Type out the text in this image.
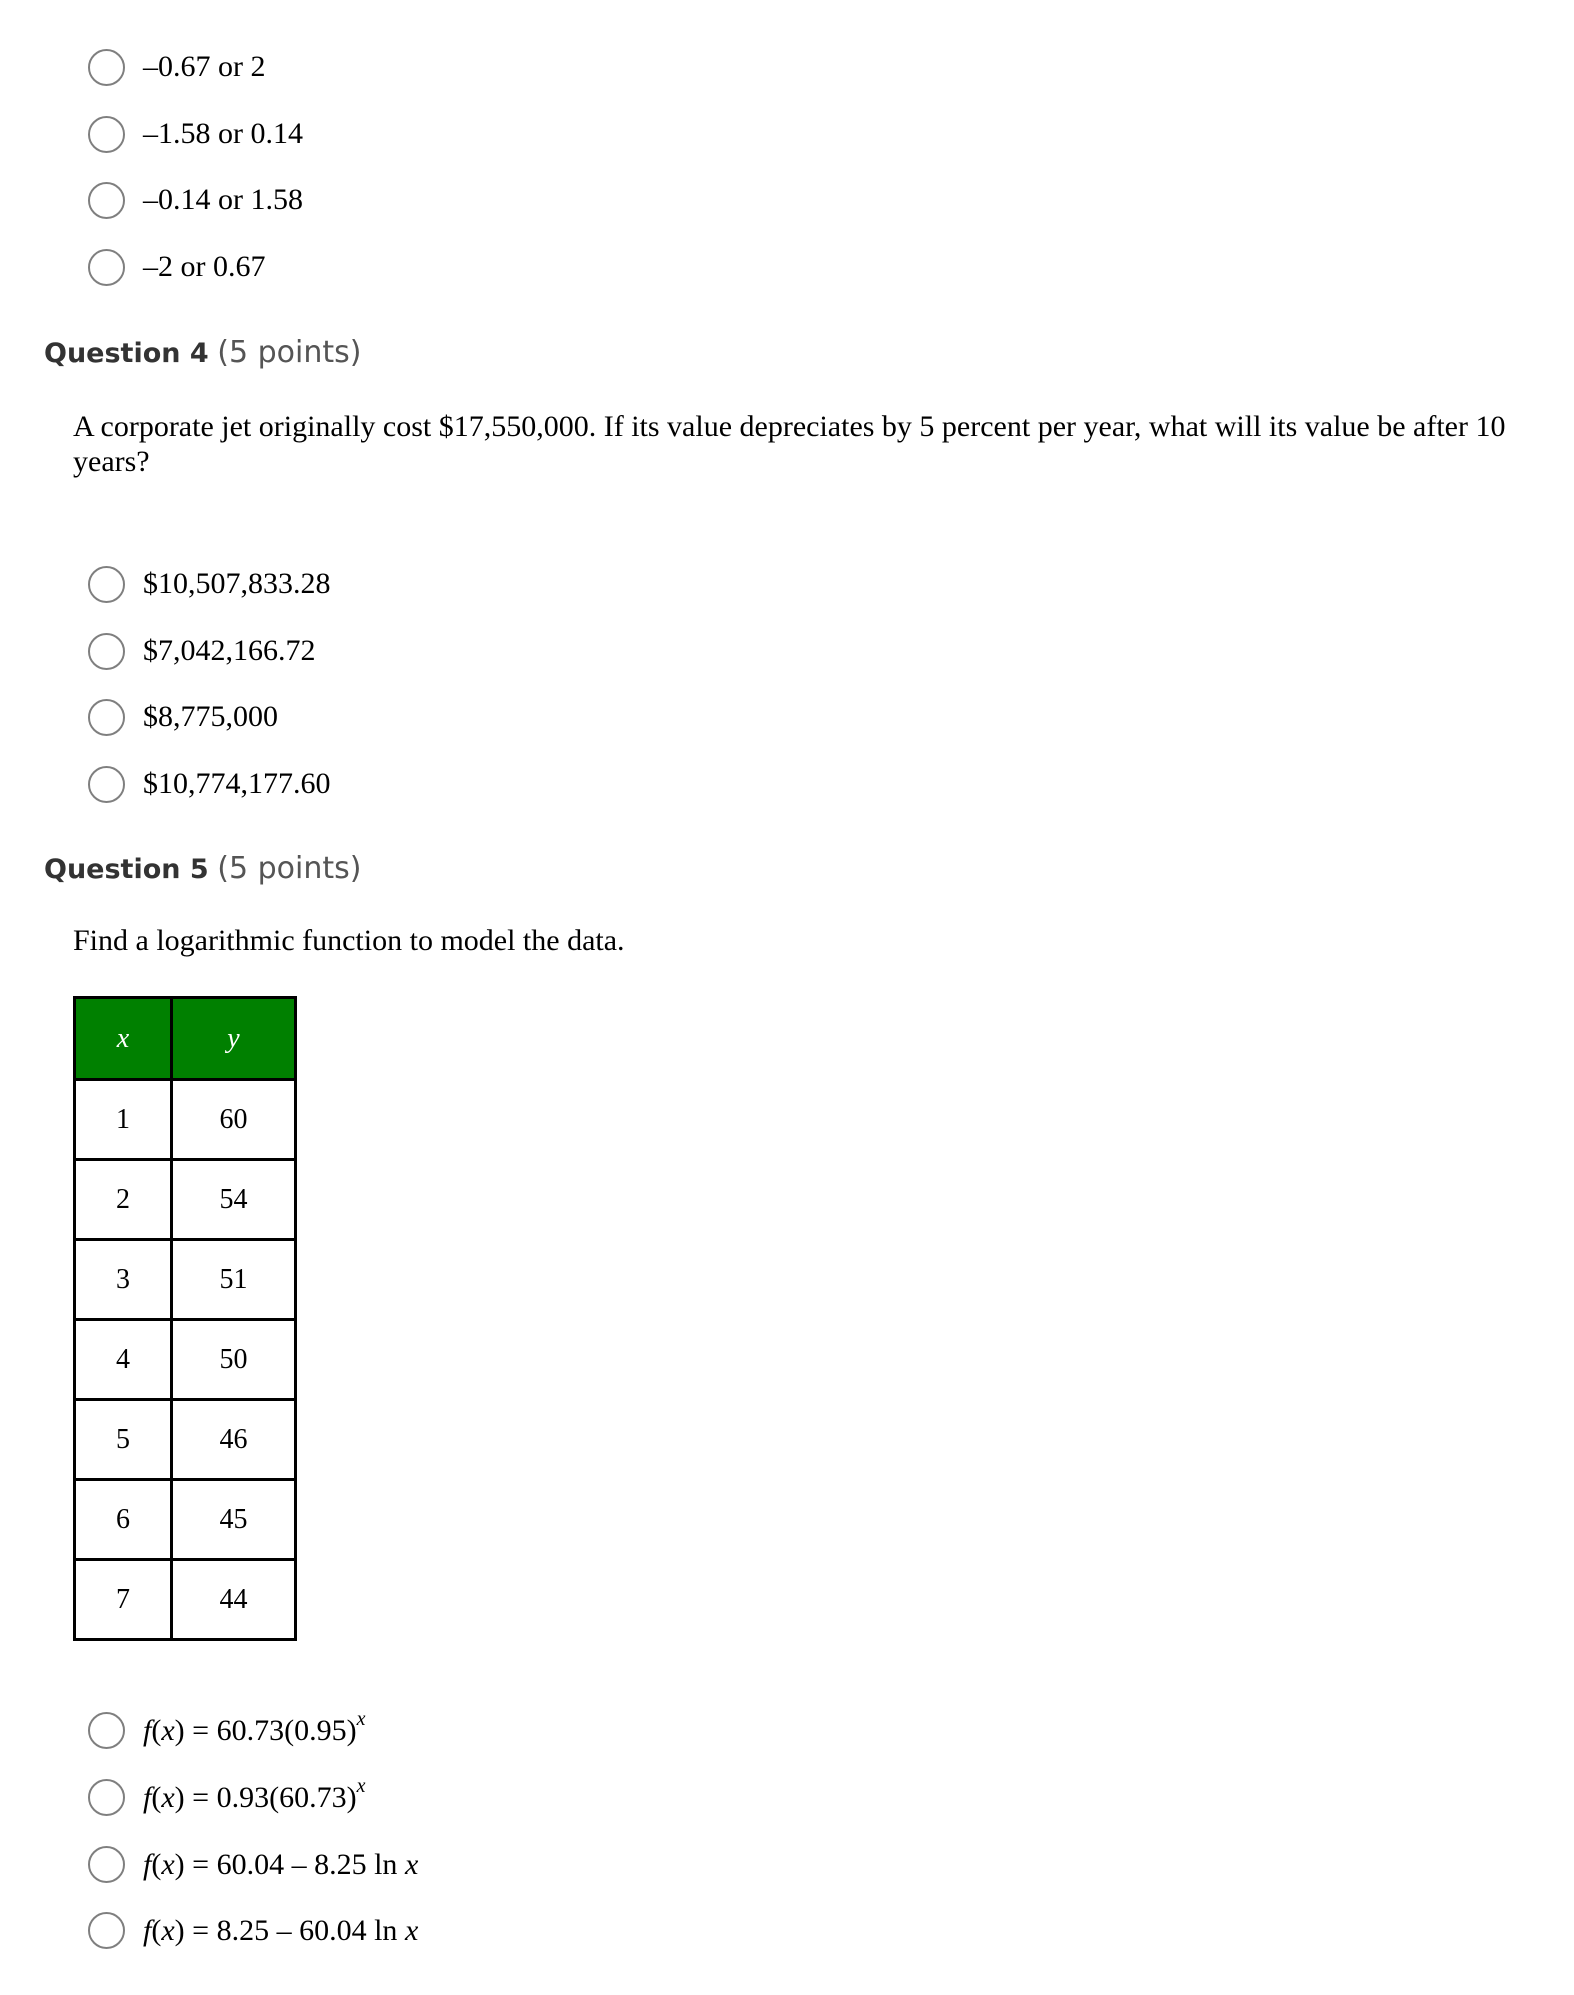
–0.67 or 2
–1.58 or 0.14
–0.14 or 1.58
–2 or 0.67
Question 4 (5 points)
A corporate jet originally cost $17,550,000. If its value depreciates by 5 percent per year, what will its value be after 10 years?
$10,507,833.28
$7,042,166.72
$8,775,000
$10,774,177.60
Question 5 (5 points)
Find a logarithmic function to model the data.
x	y
1	60
2	54
3	51
4	50
5	46
6	45
7	44
$f(x) = 60.73(0.95)^x$
$f(x) = 0.93(60.73)^x$
f(x) = 60.04 – 8.25 ln x
f(x) = 8.25 – 60.04 ln x
